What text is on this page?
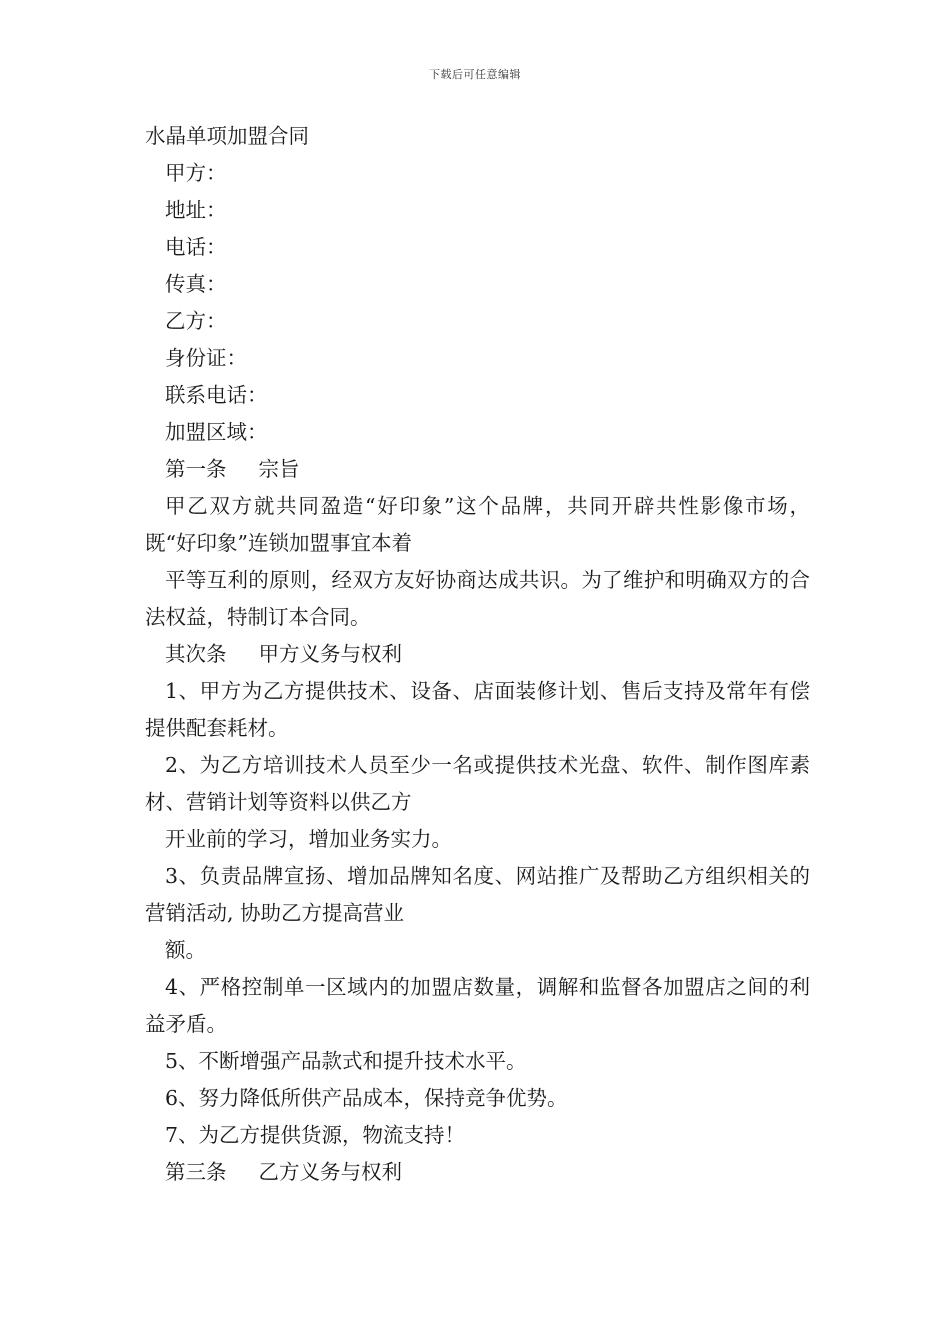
下载后可任意编辑
水晶单项加盟合同
甲方：
地址：
电话：
传真：
乙方：
身份证：
联系电话：
加盟区域：
第一条 宗旨
甲乙双方就共同盈造“好印象”这个品牌，共同开辟共性影像市场，既“好印象”连锁加盟事宜本着
平等互利的原则，经双方友好协商达成共识。为了维护和明确双方的合法权益，特制订本合同。
其次条 甲方义务与权利
1、甲方为乙方提供技术、设备、店面装修计划、售后支持及常年有偿提供配套耗材。
2、为乙方培训技术人员至少一名或提供技术光盘、软件、制作图库素材、营销计划等资料以供乙方
开业前的学习，增加业务实力。
3、负责品牌宣扬、增加品牌知名度、网站推广及帮助乙方组织相关的营销活动, 协助乙方提高营业
额。
4、严格控制单一区域内的加盟店数量，调解和监督各加盟店之间的利益矛盾。
5、不断增强产品款式和提升技术水平。
6、努力降低所供产品成本，保持竞争优势。
7、为乙方提供货源，物流支持！
第三条 乙方义务与权利
